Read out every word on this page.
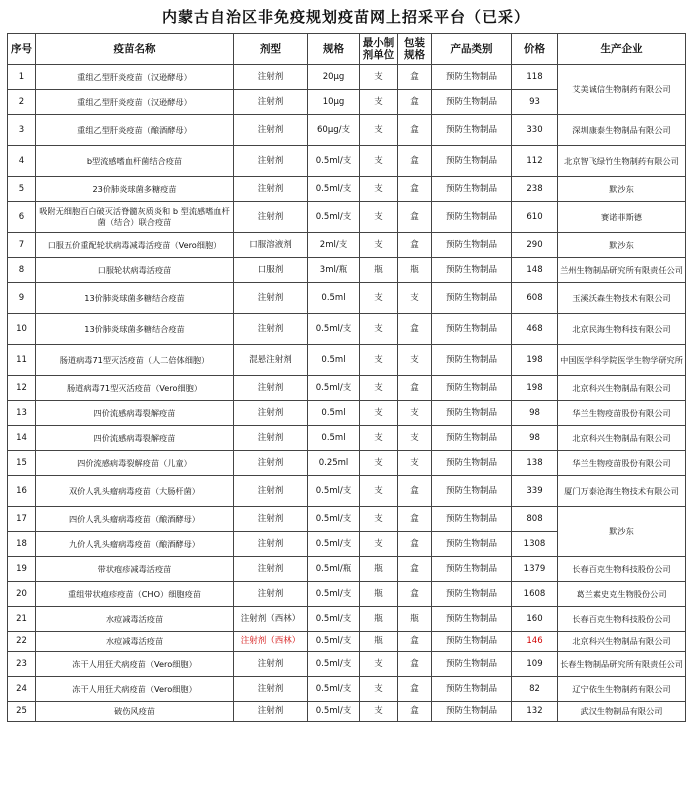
内蒙古自治区非免疫规划疫苗网上招采平台（已采）
序号	疫苗名称	剂型	规格	最小制剂单位	包装规格	产品类别	价格	生产企业
1	重组乙型肝炎疫苗（汉逊酵母）	注射剂	20μg	支	盒	预防生物制品	118	艾美诚信生物制药有限公司
2	重组乙型肝炎疫苗（汉逊酵母）	注射剂	10μg	支	盒	预防生物制品	93	
3	重组乙型肝炎疫苗（酿酒酵母）	注射剂	60μg/支	支	盒	预防生物制品	330	深圳康泰生物制品有限公司
4	b型流感嗜血杆菌结合疫苗	注射剂	0.5ml/支	支	盒	预防生物制品	112	北京智飞绿竹生物制药有限公司
5	23价肺炎球菌多糖疫苗	注射剂	0.5ml/支	支	盒	预防生物制品	238	默沙东
6	吸附无细胞百白破灭活脊髓灰质炎和 b 型流感嗜血杆菌（结合）联合疫苗	注射剂	0.5ml/支	支	盒	预防生物制品	610	赛诺菲斯德
7	口服五价重配轮状病毒减毒活疫苗（Vero细胞）	口服溶液剂	2ml/支	支	盒	预防生物制品	290	默沙东
8	口服轮状病毒活疫苗	口服剂	3ml/瓶	瓶	瓶	预防生物制品	148	兰州生物制品研究所有限责任公司
9	13价肺炎球菌多糖结合疫苗	注射剂	0.5ml	支	支	预防生物制品	608	玉溪沃森生物技术有限公司
10	13价肺炎球菌多糖结合疫苗	注射剂	0.5ml/支	支	盒	预防生物制品	468	北京民海生物科技有限公司
11	肠道病毒71型灭活疫苗（人二倍体细胞）	混悬注射剂	0.5ml	支	支	预防生物制品	198	中国医学科学院医学生物学研究所
12	肠道病毒71型灭活疫苗（Vero细胞）	注射剂	0.5ml/支	支	盒	预防生物制品	198	北京科兴生物制品有限公司
13	四价流感病毒裂解疫苗	注射剂	0.5ml	支	支	预防生物制品	98	华兰生物疫苗股份有限公司
14	四价流感病毒裂解疫苗	注射剂	0.5ml	支	支	预防生物制品	98	北京科兴生物制品有限公司
15	四价流感病毒裂解疫苗（儿童）	注射剂	0.25ml	支	支	预防生物制品	138	华兰生物疫苗股份有限公司
16	双价人乳头瘤病毒疫苗（大肠杆菌）	注射剂	0.5ml/支	支	盒	预防生物制品	339	厦门万泰沧海生物技术有限公司
17	四价人乳头瘤病毒疫苗（酿酒酵母）	注射剂	0.5ml/支	支	盒	预防生物制品	808	默沙东
18	九价人乳头瘤病毒疫苗（酿酒酵母）	注射剂	0.5ml/支	支	盒	预防生物制品	1308	
19	带状疱疹减毒活疫苗	注射剂	0.5ml/瓶	瓶	盒	预防生物制品	1379	长春百克生物科技股份公司
20	重组带状疱疹疫苗（CHO）细胞疫苗	注射剂	0.5ml/支	瓶	盒	预防生物制品	1608	葛兰素史克生物股份公司
21	水痘减毒活疫苗	注射剂（西林）	0.5ml/支	瓶	瓶	预防生物制品	160	长春百克生物科技股份公司
22	水痘减毒活疫苗	注射剂（西林）	0.5ml/支	瓶	盒	预防生物制品	146	北京科兴生物制品有限公司
23	冻干人用狂犬病疫苗（Vero细胞）	注射剂	0.5ml/支	支	盒	预防生物制品	109	长春生物制品研究所有限责任公司
24	冻干人用狂犬病疫苗（Vero细胞）	注射剂	0.5ml/支	支	盒	预防生物制品	82	辽宁依生生物制药有限公司
25	破伤风疫苗	注射剂	0.5ml/支	支	盒	预防生物制品	132	武汉生物制品有限公司
